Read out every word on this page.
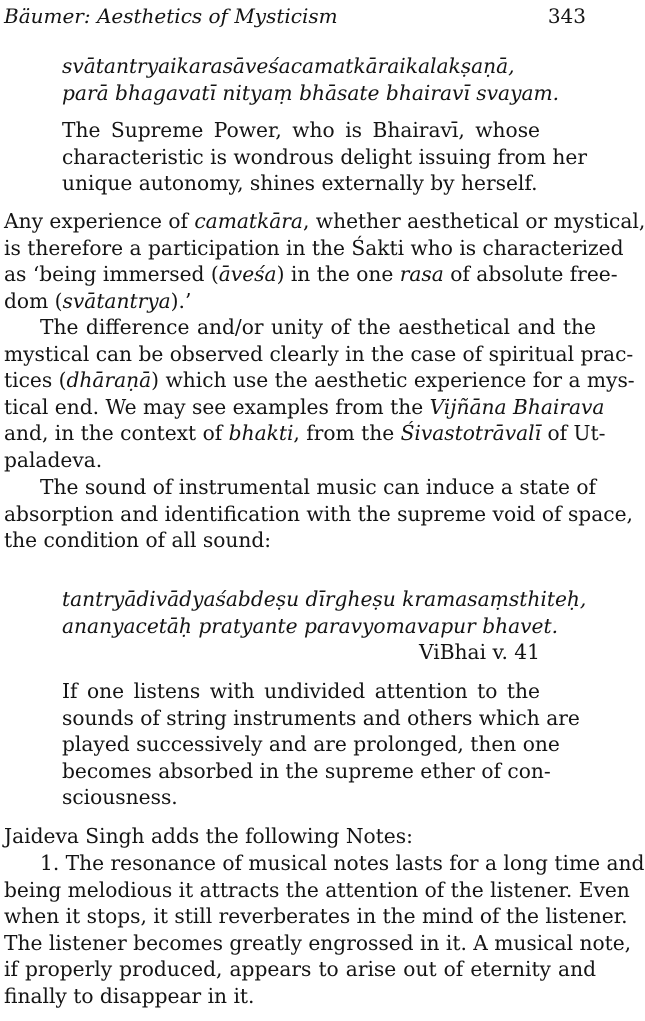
Bäumer: Aesthetics of Mysticism	343
svātantryaikarasāveśacamatkāraikalakṣaṇā,
parā bhagavatī nityaṃ bhāsate bhairavī svayam.
The Supreme Power, who is Bhairavī, whose
characteristic is wondrous delight issuing from her
unique autonomy, shines externally by herself.
Any experience of camatkāra, whether aesthetical or mystical,
is therefore a participation in the Śakti who is characterized
as ‘being immersed (āveśa) in the one rasa of absolute free-
dom (svātantrya).’
The difference and/or unity of the aesthetical and the
mystical can be observed clearly in the case of spiritual prac-
tices (dhāraṇā) which use the aesthetic experience for a mys-
tical end. We may see examples from the Vijñāna Bhairava
and, in the context of bhakti, from the Śivastotrāvalī of Ut-
paladeva.
The sound of instrumental music can induce a state of
absorption and identification with the supreme void of space,
the condition of all sound:
tantryādivādyaśabdeṣu dīrgheṣu kramasaṃsthiteḥ,
ananyacetāḥ pratyante paravyomavapur bhavet.
ViBhai v. 41
If one listens with undivided attention to the
sounds of string instruments and others which are
played successively and are prolonged, then one
becomes absorbed in the supreme ether of con-
sciousness.
Jaideva Singh adds the following Notes:
1. The resonance of musical notes lasts for a long time and
being melodious it attracts the attention of the listener. Even
when it stops, it still reverberates in the mind of the listener.
The listener becomes greatly engrossed in it. A musical note,
if properly produced, appears to arise out of eternity and
finally to disappear in it.
